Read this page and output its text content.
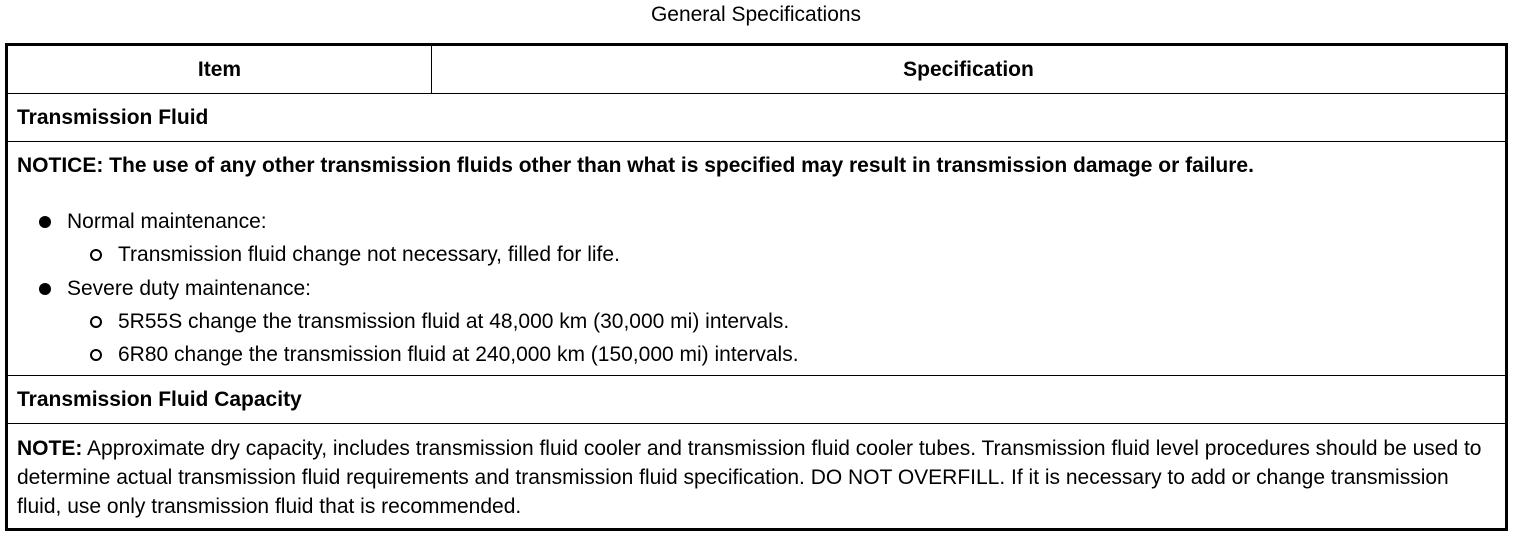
General Specifications
Item	Specification
Transmission Fluid
NOTICE: The use of any other transmission fluids other than what is specified may result in transmission damage or failure.
Normal maintenance:
Transmission fluid change not necessary, filled for life.
Severe duty maintenance:
5R55S change the transmission fluid at 48,000 km (30,000 mi) intervals.
6R80 change the transmission fluid at 240,000 km (150,000 mi) intervals.
Transmission Fluid Capacity
NOTE: Approximate dry capacity, includes transmission fluid cooler and transmission fluid cooler tubes. Transmission fluid level procedures should be used to determine actual transmission fluid requirements and transmission fluid specification. DO NOT OVERFILL. If it is necessary to add or change transmission fluid, use only transmission fluid that is recommended.
